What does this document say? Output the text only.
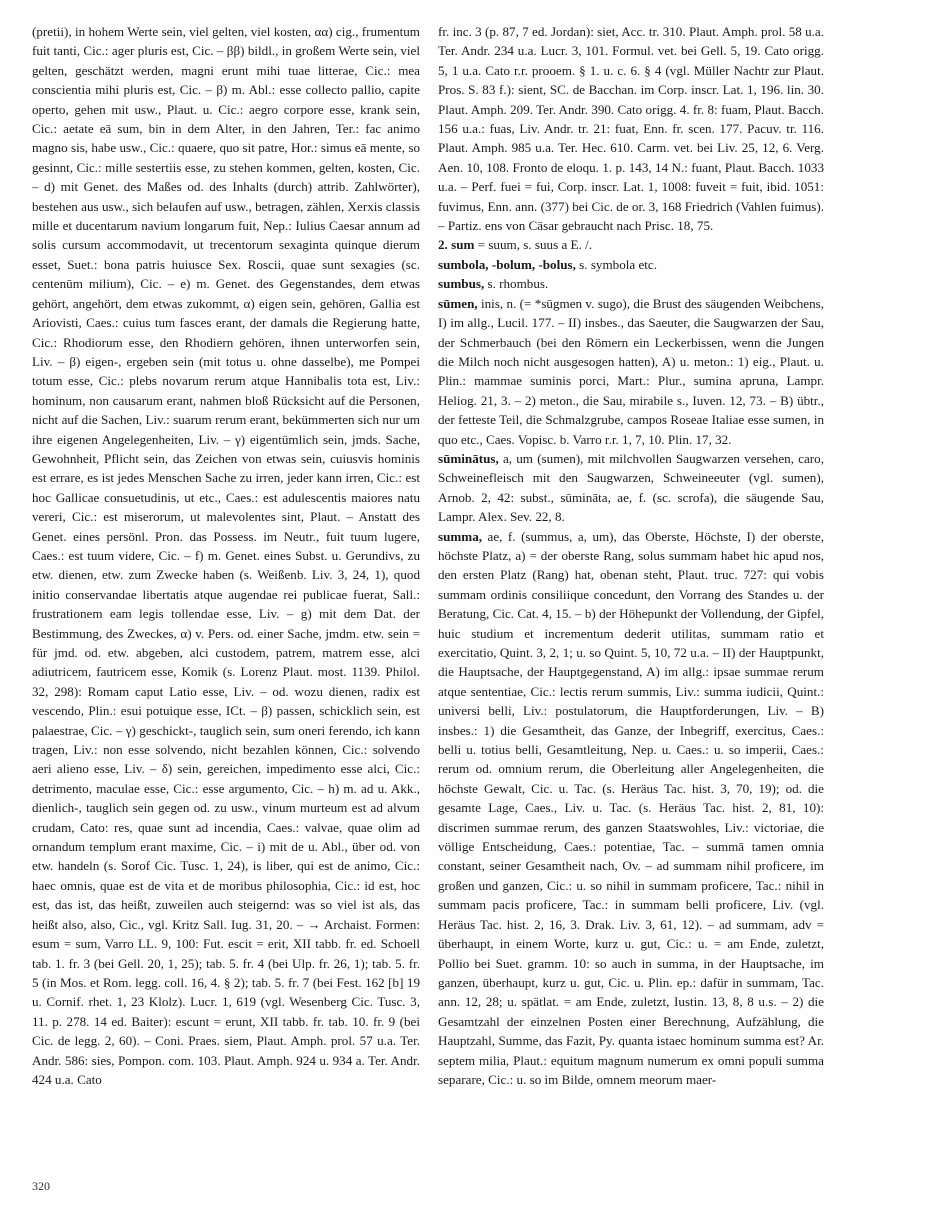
(pretii), in hohem Werte sein, viel gelten, viel kosten, αα) cig., frumentum fuit tanti, Cic.: ager pluris est, Cic. – ββ) bildl., in großem Werte sein, viel gelten, geschätzt werden, magni erunt mihi tuae litterae, Cic.: mea conscientia mihi pluris est, Cic. – β) m. Abl.: esse collecto pallio, capite operto, gehen mit usw., Plaut. u. Cic.: aegro corpore esse, krank sein, Cic.: aetate eā sum, bin in dem Alter, in den Jahren, Ter.: fac animo magno sis, habe usw., Cic.: quaere, quo sit patre, Hor.: simus eā mente, so gesinnt, Cic.: mille sestertiis esse, zu stehen kommen, gelten, kosten, Cic. – d) mit Genet. des Maßes od. des Inhalts (durch) attrib. Zahlwörter), bestehen aus usw., sich belaufen auf usw., betragen, zählen, Xerxis classis mille et ducentarum navium longarum fuit, Nep.: Iulius Caesar annum ad solis cursum accommodavit, ut trecentorum sexaginta quinque dierum esset, Suet.: bona patris huiusce Sex. Roscii, quae sunt sexagies (sc. centenūm milium), Cic. – e) m. Genet. des Gegenstandes, dem etwas gehört, angehört, dem etwas zukommt, α) eigen sein, gehören, Gallia est Ariovisti, Caes.: cuius tum fasces erant, der damals die Regierung hatte, Cic.: Rhodiorum esse, den Rhodiern gehören, ihnen unterworfen sein, Liv. – β) eigen-, ergeben sein (mit totus u. ohne dasselbe), me Pompei totum esse, Cic.: plebs novarum rerum atque Hannibalis tota est, Liv.: hominum, non causarum erant, nahmen bloß Rücksicht auf die Personen, nicht auf die Sachen, Liv.: suarum rerum erant, bekümmerten sich nur um ihre eigenen Angelegenheiten, Liv. – γ) eigentümlich sein, jmds. Sache, Gewohnheit, Pflicht sein, das Zeichen von etwas sein, cuiusvis hominis est errare, es ist jedes Menschen Sache zu irren, jeder kann irren, Cic.: est hoc Gallicae consuetudinis, ut etc., Caes.: est adulescentis maiores natu vereri, Cic.: est miserorum, ut malevolentes sint, Plaut. – Anstatt des Genet. eines persönl. Pron. das Possess. im Neutr., fuit tuum lugere, Caes.: est tuum videre, Cic. – f) m. Genet. eines Subst. u. Gerundivs, zu etw. dienen, etw. zum Zwecke haben (s. Weißenb. Liv. 3, 24, 1), quod initio conservandae libertatis atque augendae rei publicae fuerat, Sall.: frustrationem eam legis tollendae esse, Liv. – g) mit dem Dat. der Bestimmung, des Zweckes, α) v. Pers. od. einer Sache, jmdm. etw. sein = für jmd. od. etw. abgeben, alci custodem, patrem, matrem esse, alci adiutricem, fautricem esse, Komik (s. Lorenz Plaut. most. 1139. Philol. 32, 298): Romam caput Latio esse, Liv. – od. wozu dienen, radix est vescendo, Plin.: esui potuique esse, ICt. – β) passen, schicklich sein, est palaestrae, Cic. – γ) geschickt-, tauglich sein, sum oneri ferendo, ich kann tragen, Liv.: non esse solvendo, nicht bezahlen können, Cic.: solvendo aeri alieno esse, Liv. – δ) sein, gereichen, impedimento esse alci, Cic.: detrimento, maculae esse, Cic.: esse argumento, Cic. – h) m. ad u. Akk., dienlich-, tauglich sein gegen od. zu usw., vinum murteum est ad alvum crudam, Cato: res, quae sunt ad incendia, Caes.: valvae, quae olim ad ornandum templum erant maxime, Cic. – i) mit de u. Abl., über od. von etw. handeln (s. Sorof Cic. Tusc. 1, 24), is liber, qui est de animo, Cic.: haec omnis, quae est de vita et de moribus philosophia, Cic.: id est, hoc est, das ist, das heißt, zuweilen auch steigernd: was so viel ist als, das heißt also, also, Cic., vgl. Kritz Sall. Iug. 31, 20. – → Archaist. Formen: esum = sum, Varro LL. 9, 100: Fut. escit = erit, XII tabb. fr. ed. Schoell tab. 1. fr. 3 (bei Gell. 20, 1, 25); tab. 5. fr. 4 (bei Ulp. fr. 26, 1); tab. 5. fr. 5 (in Mos. et Rom. legg. coll. 16, 4. § 2); tab. 5. fr. 7 (bei Fest. 162 [b] 19 u. Cornif. rhet. 1, 23 Klolz). Lucr. 1, 619 (vgl. Wesenberg Cic. Tusc. 3, 11. p. 278. 14 ed. Baiter): escunt = erunt, XII tabb. fr. tab. 10. fr. 9 (bei Cic. de legg. 2, 60). – Coni. Praes. siem, Plaut. Amph. prol. 57 u.a. Ter. Andr. 586: sies, Pompon. com. 103. Plaut. Amph. 924 u. 934 a. Ter. Andr. 424 u.a. Cato

fr. inc. 3 (p. 87, 7 ed. Jordan): siet, Acc. tr. 310. Plaut. Amph. prol. 58 u.a. Ter. Andr. 234 u.a. Lucr. 3, 101. Formul. vet. bei Gell. 5, 19. Cato origg. 5, 1 u.a. Cato r.r. prooem. § 1. u. c. 6. § 4 (vgl. Müller Nachtr zur Plaut. Pros. S. 83 f.): sient, SC. de Bacchan. im Corp. inscr. Lat. 1, 196. lin. 30. Plaut. Amph. 209. Ter. Andr. 390. Cato origg. 4. fr. 8: fuam, Plaut. Bacch. 156 u.a.: fuas, Liv. Andr. tr. 21: fuat, Enn. fr. scen. 177. Pacuv. tr. 116. Plaut. Amph. 985 u.a. Ter. Hec. 610. Carm. vet. bei Liv. 25, 12, 6. Verg. Aen. 10, 108. Fronto de eloqu. 1. p. 143, 14 N.: fuant, Plaut. Bacch. 1033 u.a. – Perf. fuei = fui, Corp. inscr. Lat. 1, 1008: fuveit = fuit, ibid. 1051: fuvimus, Enn. ann. (377) bei Cic. de or. 3, 168 Friedrich (Vahlen fuimus). – Partiz. ens von Cäsar gebraucht nach Prisc. 18, 75.

2. sum = suum, s. suus a E. /.

sumbola, -bolum, -bolus, s. symbola etc.

sumbus, s. rhombus.

sūmen, inis, n. (= *sūgmen v. sugo), die Brust des säugenden Weibchens, I) im allg., Lucil. 177. – II) insbes., das Saeuter, die Saugwarzen der Sau, der Schmerbauch (bei den Römern ein Leckerbissen, wenn die Jungen die Milch noch nicht ausgesogen hatten), A) u. meton.: 1) eig., Plaut. u. Plin.: mammae suminis porci, Mart.: Plur., sumina aprunа, Lampr. Heliog. 21, 3. – 2) meton., die Sau, mirabile s., Iuven. 12, 73. – B) übtr., der fetteste Teil, die Schmalzgrube, campos Roseae Italiae esse sumen, in quo etc., Caes. Vopisc. b. Varro r.r. 1, 7, 10. Plin. 17, 32.

sūminātus, a, um (sumen), mit milchvollen Saugwarzen versehen, caro, Schweinefleisch mit den Saugwarzen, Schweineeuter (vgl. sumen), Arnob. 2, 42: subst., sūmināta, ae, f. (sc. scrofa), die säugende Sau, Lampr. Alex. Sev. 22, 8.

summa, ae, f. (summus, a, um), das Oberste, Höchste, I) der oberste, höchste Platz, a) = der oberste Rang, solus summam habet hic apud nos, den ersten Platz (Rang) hat, obenan steht, Plaut. truc. 727: qui vobis summam ordinis consiliique concedunt, den Vorrang des Standes u. der Beratung, Cic. Cat. 4, 15. – b) der Höhepunkt der Vollendung, der Gipfel, huic studium et incrementum dederit utilitas, summam ratio et exercitatio, Quint. 3, 2, 1; u. so Quint. 5, 10, 72 u.a. – II) der Hauptpunkt, die Hauptsache, der Hauptgegenstand, A) im allg.: ipsae summae rerum atque sententiae, Cic.: lectis rerum summis, Liv.: summa iudicii, Quint.: universi belli, Liv.: postulatorum, die Hauptforderungen, Liv. – B) insbes.: 1) die Gesamtheit, das Ganze, der Inbegriff, exercitus, Caes.: belli u. totius belli, Gesamtleitung, Nep. u. Caes.: u. so imperii, Caes.: rerum od. omnium rerum, die Oberleitung aller Angelegenheiten, die höchste Gewalt, Cic. u. Tac. (s. Heräus Tac. hist. 3, 70, 19); od. die gesamte Lage, Caes., Liv. u. Tac. (s. Heräus Tac. hist. 2, 81, 10): discrimen summae rerum, des ganzen Staatswohles, Liv.: victoriae, die völlige Entscheidung, Caes.: potentiae, Tac. – summā tamen omnia constant, seiner Gesamtheit nach, Ov. – ad summam nihil proficere, im großen und ganzen, Cic.: u. so nihil in summam proficere, Tac.: nihil in summam pacis proficere, Tac.: in summam belli proficere, Liv. (vgl. Heräus Tac. hist. 2, 16, 3. Drak. Liv. 3, 61, 12). – ad summam, adv = überhaupt, in einem Worte, kurz u. gut, Cic.: u. = am Ende, zuletzt, Pollio bei Suet. gramm. 10: so auch in summa, in der Hauptsache, im ganzen, überhaupt, kurz u. gut, Cic. u. Plin. ep.: dafür in summam, Tac. ann. 12, 28; u. spätlat. = am Ende, zuletzt, Iustin. 13, 8, 8 u.s. – 2) die Gesamtzahl der einzelnen Posten einer Berechnung, Aufzählung, die Hauptzahl, Summe, das Fazit, Py. quanta istaec hominum summa est? Ar. septem milia, Plaut.: equitum magnum numerum ex omni populi summa separare, Cic.: u. so im Bilde, omnem meorum maer-

320
